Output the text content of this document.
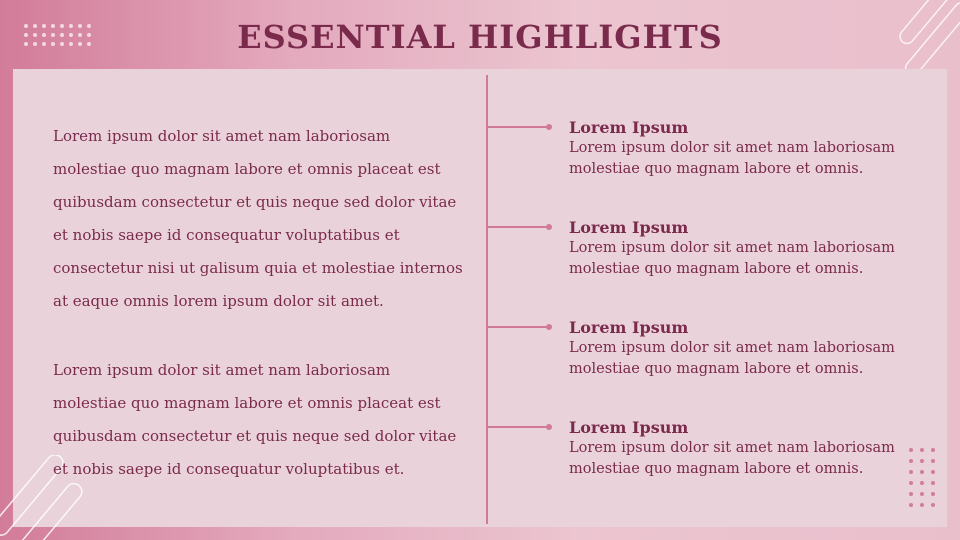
ESSENTIAL HIGHLIGHTS

Lorem ipsum dolor sit amet nam laboriosam molestiae quo magnam labore et omnis placeat est quibusdam consectetur et quis neque sed dolor vitae et nobis saepe id consequatur voluptatibus et consectetur nisi ut galisum quia et molestiae internos at eaque omnis lorem ipsum dolor sit amet.

Lorem ipsum dolor sit amet nam laboriosam molestiae quo magnam labore et omnis placeat est quibusdam consectetur et quis neque sed dolor vitae et nobis saepe id consequatur voluptatibus et.

Lorem Ipsum
Lorem ipsum dolor sit amet nam laboriosam molestiae quo magnam labore et omnis.
Lorem Ipsum
Lorem ipsum dolor sit amet nam laboriosam molestiae quo magnam labore et omnis.
Lorem Ipsum
Lorem ipsum dolor sit amet nam laboriosam molestiae quo magnam labore et omnis.
Lorem Ipsum
Lorem ipsum dolor sit amet nam laboriosam molestiae quo magnam labore et omnis.
